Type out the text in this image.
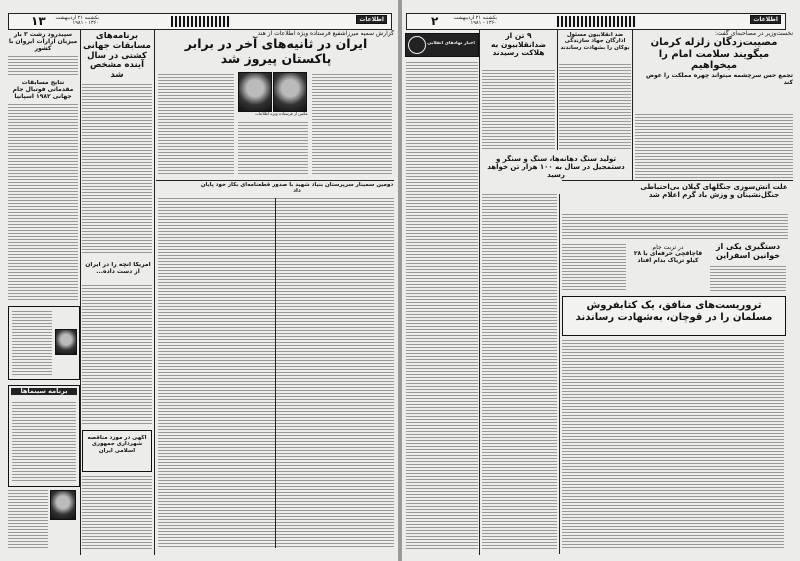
۱۳	یکشنبه ۲۱ اردیبهشت ۱۳۶۰ - ۱۹۸۱	اطلاعات
گزارش سمیه میرزاشفیع فرستاده ویژه اطلاعات از هند
ایران در ثانیه‌های آخر در برابر پاکستان پیروز شد
عکس از فرستاده ویژه اطلاعات
دومین سمینار سرپرستان بنیاد شهید با صدور قطعنامه‌ای بکار خود پایان داد
برنامه‌های مسابقات جهانی کشتی در سال آینده مشخص شد
آمریکا آنچه را در ایران از دست داده...
آگهی در مورد مناقصه شهرداری جمهوری اسلامی ایران
سپیدرود رشت ۳ بار میزبان ارارات ایروان با کشور
نتایج مسابقات مقدماتی فوتبال جام جهانی ۱۹۸۲ اسپانیا
برنامه سینماها
۲	یکشنبه ۲۱ اردیبهشت ۱۳۶۰ - ۱۹۸۱	اطلاعات
اخبار نهادهای انقلابی
۹ تن از ضدانقلابیون به هلاکت رسیدند
ضد انقلابیون مسئول ادارگان جهاد سازندگی بوکان را بشهادت رساندند
تولید سنگ دهانه‌ها، سنگ و سنگر و دستمجیل در سال به ۱۰۰ هزار تن خواهد رسید
نخست‌وزیر در مصاحبه‌ای گفت:
مصیبت‌زدگان زلزله کرمان میگویند سلامت امام را میخواهیم
تجمع حس سرچشمه میتواند چهره مملکت را عوض کند
علت آتش‌سوزی جنگلهای گیلان بی‌احتیاطی جنگل‌نشینان و وزش باد گرم اعلام شد
دستگیری یکی از خوانین اسفراین
در تربت جام
قاچاقچی حرفه‌ای با ۲۸ کیلو تریاک بدام افتاد
تروریست‌های منافق، یک کتابفروش مسلمان را در قوچان، به‌شهادت رساندند
